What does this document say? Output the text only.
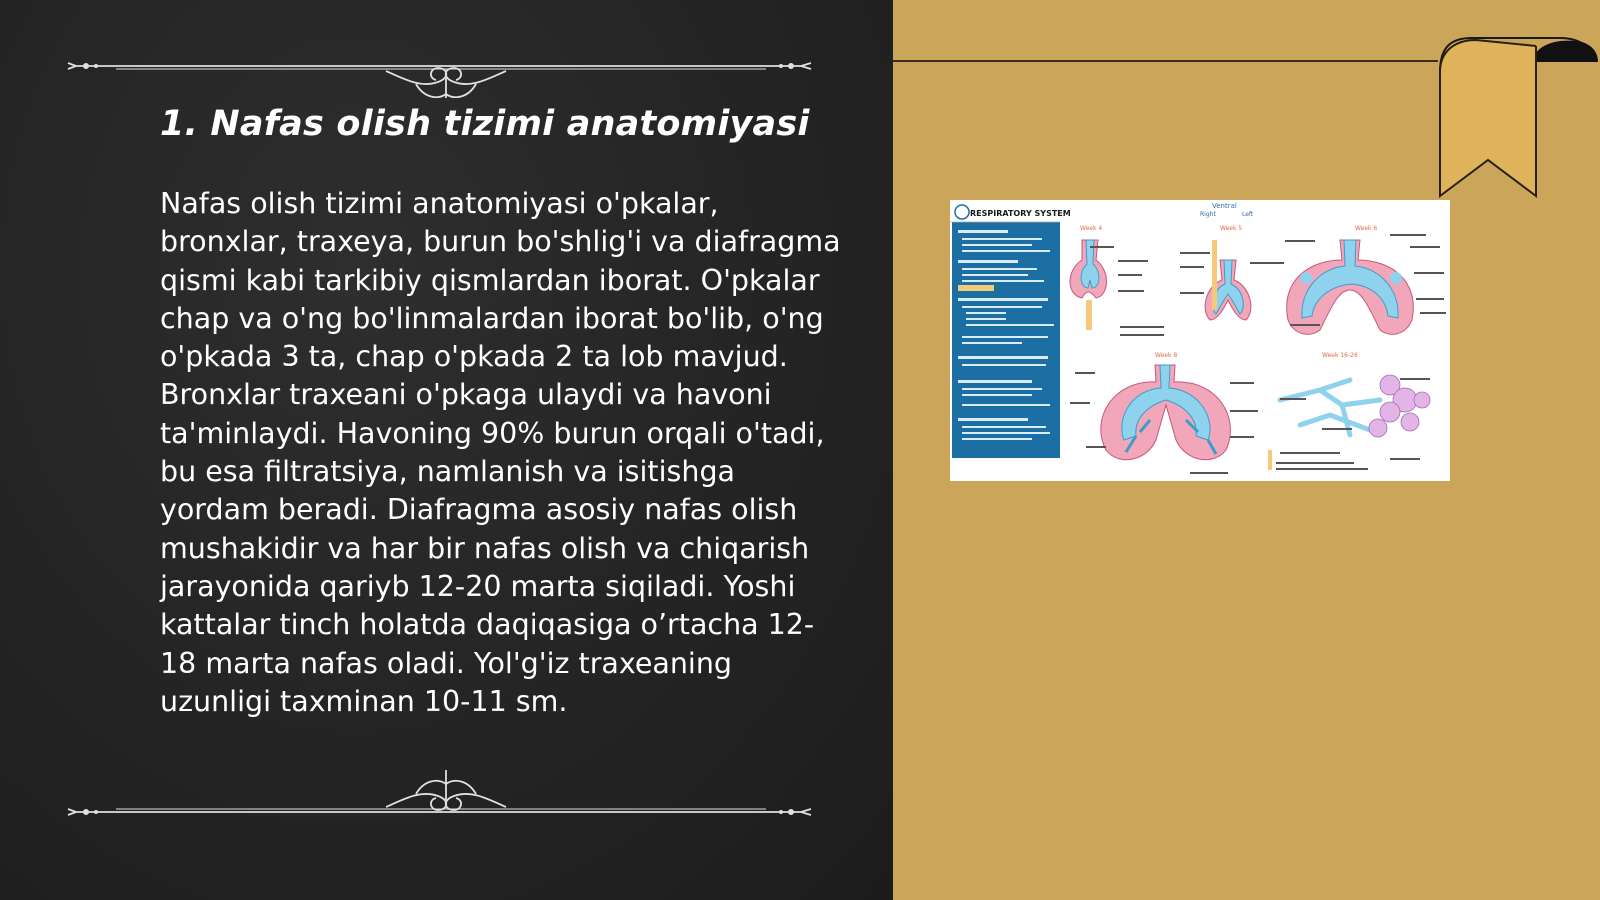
1. Nafas olish tizimi anatomiyasi

Nafas olish tizimi anatomiyasi o'pkalar, bronxlar, traxeya, burun bo'shlig'i va diafragma qismi kabi tarkibiy qismlardan iborat. O'pkalar chap va o'ng bo'linmalardan iborat bo'lib, o'ng o'pkada 3 ta, chap o'pkada 2 ta lob mavjud. Bronxlar traxeani o'pkaga ulaydi va havoni ta'minlaydi. Havoning 90% burun orqali o'tadi, bu esa filtratsiya, namlanish va isitishga yordam beradi. Diafragma asosiy nafas olish mushakidir va har bir nafas olish va chiqarish jarayonida qariyb 12-20 marta siqiladi. Yoshi kattalar tinch holatda daqiqasiga o’rtacha 12-18 marta nafas oladi. Yol'g'iz traxeaning uzunligi taxminan 10-11 sm.

RESPIRATORY SYSTEM
Ventral
Right	Left
Week 4	Week 5	Week 6
Week 8	Week 16-26
